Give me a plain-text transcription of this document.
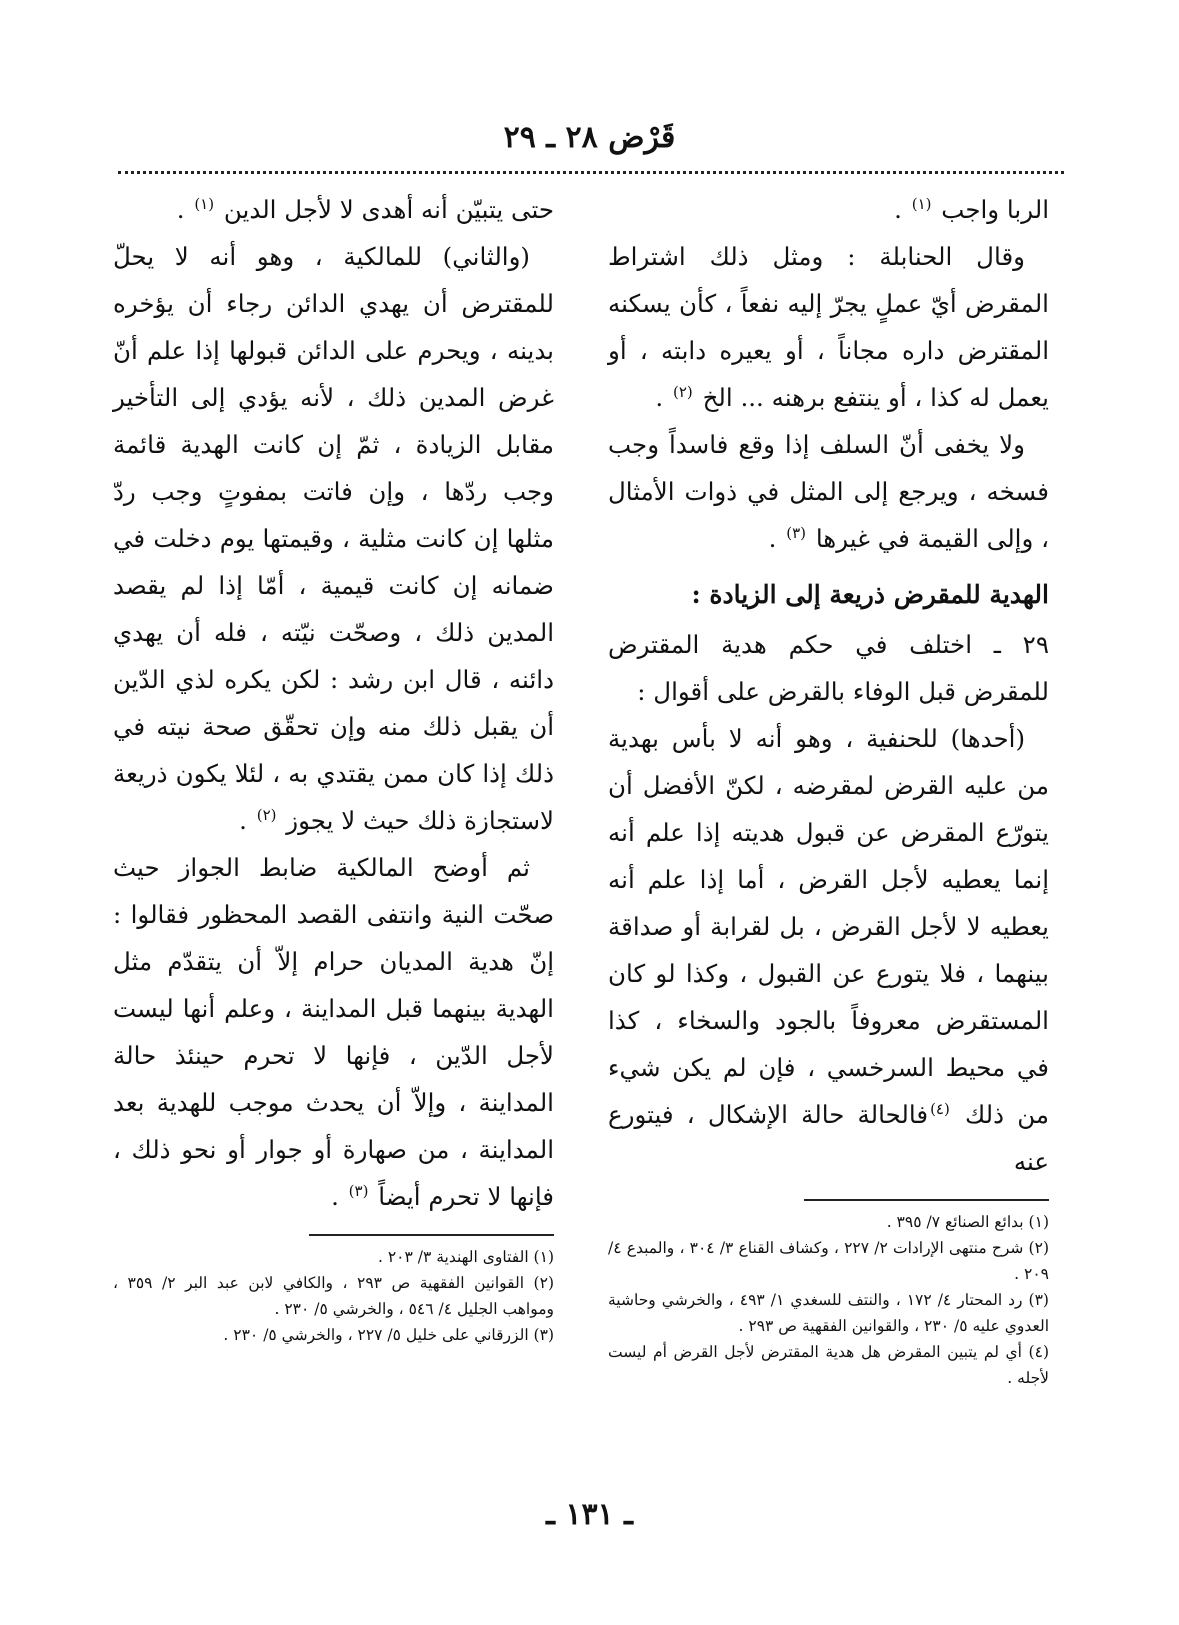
قَرْض ٢٨ ـ ٢٩

الربا واجب $^{(١)}$ .

وقال الحنابلة : ومثل ذلك اشتراط المقرض أيّ عملٍ يجرّ إليه نفعاً ، كأن يسكنه المقترض داره مجاناً ، أو يعيره دابته ، أو يعمل له كذا ، أو ينتفع برهنه ... الخ $^{(٢)}$ .

ولا يخفى أنّ السلف إذا وقع فاسداً وجب فسخه ، ويرجع إلى المثل في ذوات الأمثال ، وإلى القيمة في غيرها $^{(٣)}$ .

الهدية للمقرض ذريعة إلى الزيادة :

٢٩ ـ اختلف في حكم هدية المقترض للمقرض قبل الوفاء بالقرض على أقوال :

(أحدها) للحنفية ، وهو أنه لا بأس بهدية من عليه القرض لمقرضه ، لكنّ الأفضل أن يتورّع المقرض عن قبول هديته إذا علم أنه إنما يعطيه لأجل القرض ، أما إذا علم أنه يعطيه لا لأجل القرض ، بل لقرابة أو صداقة بينهما ، فلا يتورع عن القبول ، وكذا لو كان المستقرض معروفاً بالجود والسخاء ، كذا في محيط السرخسي ، فإن لم يكن شيء من ذلك $^{(٤)}$فالحالة حالة الإشكال ، فيتورع عنه

(١) بدائع الصنائع ٧/ ٣٩٥ .

(٢) شرح منتهى الإرادات ٢/ ٢٢٧ ، وكشاف القناع ٣/ ٣٠٤ ، والمبدع ٤/ ٢٠٩ .

(٣) رد المحتار ٤/ ١٧٢ ، والنتف للسغدي ١/ ٤٩٣ ، والخرشي وحاشية العدوي عليه ٥/ ٢٣٠ ، والقوانين الفقهية ص ٢٩٣ .

(٤) أي لم يتبين المقرض هل هدية المقترض لأجل القرض أم ليست لأجله .

حتى يتبيّن أنه أهدى لا لأجل الدين $^{(١)}$ .

(والثاني) للمالكية ، وهو أنه لا يحلّ للمقترض أن يهدي الدائن رجاء أن يؤخره بدينه ، ويحرم على الدائن قبولها إذا علم أنّ غرض المدين ذلك ، لأنه يؤدي إلى التأخير مقابل الزيادة ، ثمّ إن كانت الهدية قائمة وجب ردّها ، وإن فاتت بمفوتٍ وجب ردّ مثلها إن كانت مثلية ، وقيمتها يوم دخلت في ضمانه إن كانت قيمية ، أمّا إذا لم يقصد المدين ذلك ، وصحّت نيّته ، فله أن يهدي دائنه ، قال ابن رشد : لكن يكره لذي الدّين أن يقبل ذلك منه وإن تحقّق صحة نيته في ذلك إذا كان ممن يقتدي به ، لئلا يكون ذريعة لاستجازة ذلك حيث لا يجوز $^{(٢)}$ .

ثم أوضح المالكية ضابط الجواز حيث صحّت النية وانتفى القصد المحظور فقالوا : إنّ هدية المديان حرام إلاّ أن يتقدّم مثل الهدية بينهما قبل المداينة ، وعلم أنها ليست لأجل الدّين ، فإنها لا تحرم حينئذ حالة المداينة ، وإلاّ أن يحدث موجب للهدية بعد المداينة ، من صهارة أو جوار أو نحو ذلك ، فإنها لا تحرم أيضاً $^{(٣)}$ .

(١) الفتاوى الهندية ٣/ ٢٠٣ .

(٢) القوانين الفقهية ص ٢٩٣ ، والكافي لابن عبد البر ٢/ ٣٥٩ ، ومواهب الجليل ٤/ ٥٤٦ ، والخرشي ٥/ ٢٣٠ .

(٣) الزرقاني على خليل ٥/ ٢٢٧ ، والخرشي ٥/ ٢٣٠ .

ـ ١٣١ ـ
